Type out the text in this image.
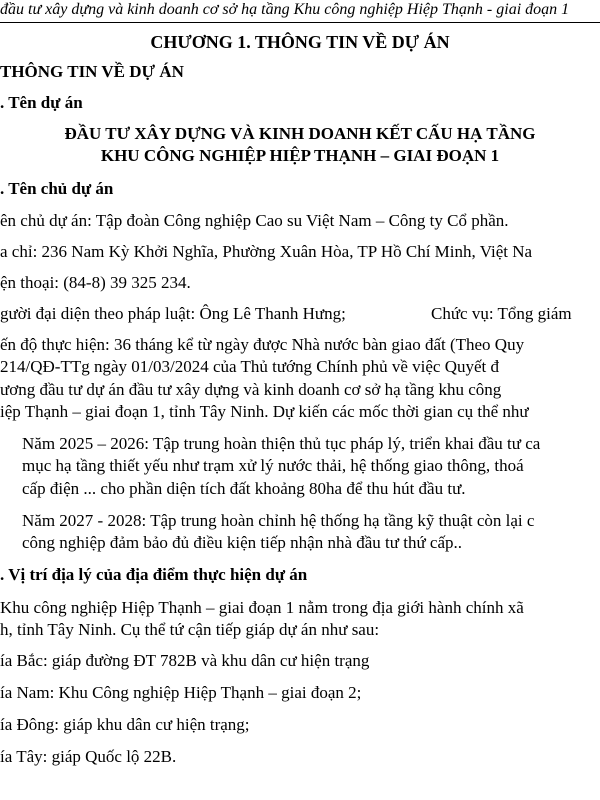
đầu tư xây dựng và kinh doanh cơ sở hạ tầng Khu công nghiệp Hiệp Thạnh - giai đoạn 1
CHƯƠNG 1. THÔNG TIN VỀ DỰ ÁN
THÔNG TIN VỀ DỰ ÁN
. Tên dự án
ĐẦU TƯ XÂY DỰNG VÀ KINH DOANH KẾT CẤU HẠ TẦNG
KHU CÔNG NGHIỆP HIỆP THẠNH – GIAI ĐOẠN 1
. Tên chủ dự án
ên chủ dự án: Tập đoàn Công nghiệp Cao su Việt Nam – Công ty Cổ phần.
a chỉ: 236 Nam Kỳ Khởi Nghĩa, Phường Xuân Hòa, TP Hồ Chí Minh, Việt Na
ện thoại: (84-8) 39 325 234.
gười đại diện theo pháp luật: Ông Lê Thanh Hưng;	Chức vụ: Tổng giám
ến độ thực hiện: 36 tháng kể từ ngày được Nhà nước bàn giao đất (Theo Quy
214/QĐ-TTg ngày 01/03/2024 của Thủ tướng Chính phủ về việc Quyết đ
ương đầu tư dự án đầu tư xây dựng và kinh doanh cơ sở hạ tầng khu công
iệp Thạnh – giai đoạn 1, tỉnh Tây Ninh. Dự kiến các mốc thời gian cụ thể như
Năm 2025 – 2026: Tập trung hoàn thiện thủ tục pháp lý, triển khai đầu tư ca
mục hạ tầng thiết yếu như trạm xử lý nước thải, hệ thống giao thông, thoá
cấp điện ... cho phần diện tích đất khoảng 80ha để thu hút đầu tư.
Năm 2027 - 2028: Tập trung hoàn chỉnh hệ thống hạ tầng kỹ thuật còn lại c
công nghiệp đảm bảo đủ điều kiện tiếp nhận nhà đầu tư thứ cấp..
. Vị trí địa lý của địa điểm thực hiện dự án
Khu công nghiệp Hiệp Thạnh – giai đoạn 1 nằm trong địa giới hành chính xã
h, tỉnh Tây Ninh. Cụ thể tứ cận tiếp giáp dự án như sau:
ía Bắc: giáp đường ĐT 782B và khu dân cư hiện trạng
ía Nam: Khu Công nghiệp Hiệp Thạnh – giai đoạn 2;
ía Đông: giáp khu dân cư hiện trạng;
ía Tây: giáp Quốc lộ 22B.
